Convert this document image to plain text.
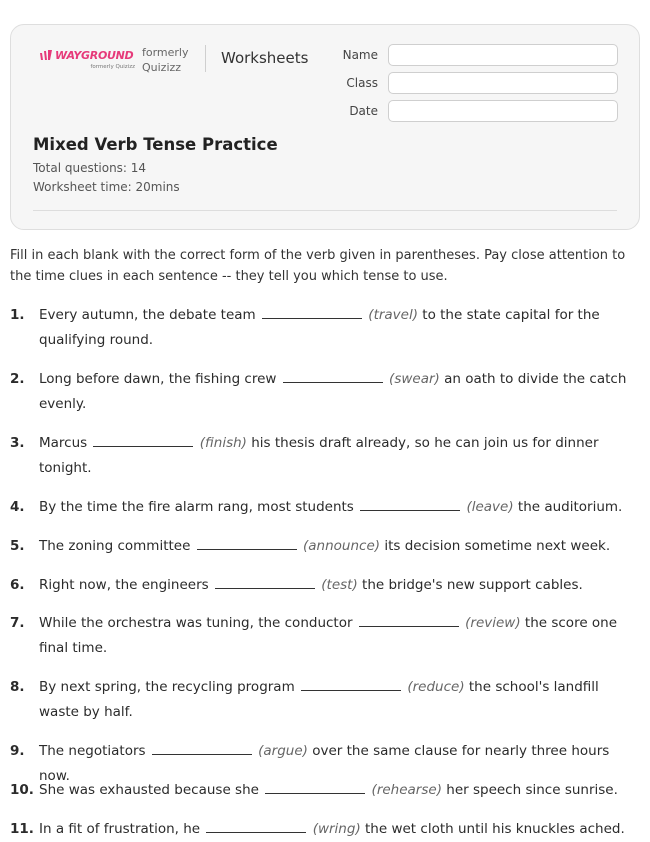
WAYGROUND
formerly Quizizz
formerly
Quizizz
Worksheets	Name
Class
Date
Mixed Verb Tense Practice
Total questions: 14
Worksheet time: 20mins
Fill in each blank with the correct form of the verb given in parentheses. Pay close attention to the time clues in each sentence -- they tell you which tense to use.
1.	Every autumn, the debate team	(travel) to the state capital for the qualifying round.
2.	Long before dawn, the fishing crew	(swear) an oath to divide the catch evenly.
3.	Marcus	(finish) his thesis draft already, so he can join us for dinner tonight.
4.	By the time the fire alarm rang, most students	(leave) the auditorium.
5.	The zoning committee	(announce) its decision sometime next week.
6.	Right now, the engineers	(test) the bridge's new support cables.
7.	While the orchestra was tuning, the conductor	(review) the score one final time.
8.	By next spring, the recycling program	(reduce) the school's landfill waste by half.
9.	The negotiators	(argue) over the same clause for nearly three hours now.
10. She was exhausted because she	(rehearse) her speech since sunrise.
11. In a fit of frustration, he	(wring) the wet cloth until his knuckles ached.
